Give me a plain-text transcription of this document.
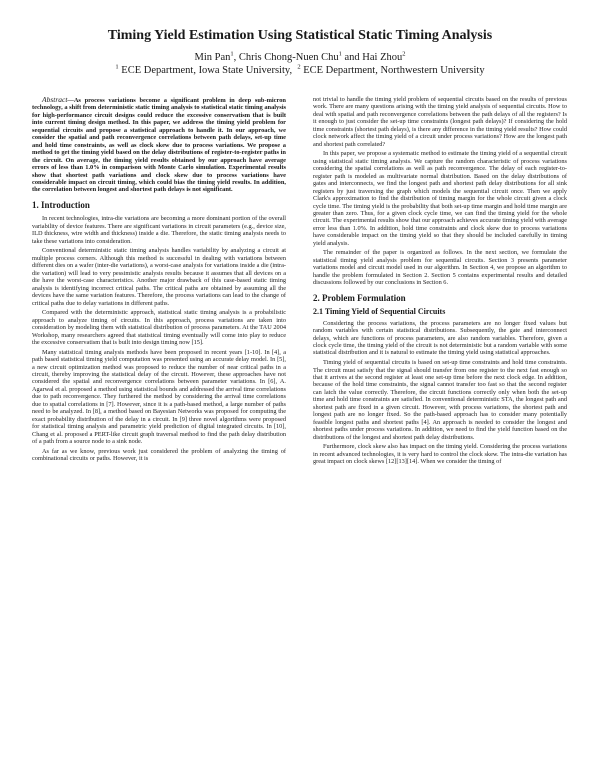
Timing Yield Estimation Using Statistical Static Timing Analysis
Min Pan$^1$, Chris Chong-Nuen Chu$^1$ and Hai Zhou$^2$
$^1$ ECE Department, Iowa State University, $^2$ ECE Department, Northwestern University

Abstract—As process variations become a significant problem in deep sub-micron technology, a shift from deterministic static timing analysis to statistical static timing analysis for high-performance circuit designs could reduce the excessive conservatism that is built into current timing design method. In this paper, we address the timing yield problem for sequential circuits and propose a statistical approach to handle it. In our approach, we consider the spatial and path reconvergence correlations between path delays, set-up time and hold time constraints, as well as clock skew due to process variations. We propose a method to get the timing yield based on the delay distributions of register-to-register paths in the circuit. On average, the timing yield results obtained by our approach have average errors of less than 1.0% in comparison with Monte Carlo simulation. Experimental results show that shortest path variations and clock skew due to process variations have considerable impact on circuit timing, which could bias the timing yield results. In addition, the correlation between longest and shortest path delays is not significant.

1. Introduction

In recent technologies, intra-die variations are becoming a more dominant portion of the overall variability of device features. There are significant variations in circuit parameters (e.g., device size, ILD thickness, wire width and thickness) inside a die. Therefore, the static timing analysis needs to take these variations into consideration.

Conventional deterministic static timing analysis handles variability by analyzing a circuit at multiple process corners. Although this method is successful in dealing with variations between different dies on a wafer (inter-die variations), a worst-case analysis for variations inside a die (intra-die variation) will lead to very pessimistic analysis results because it assumes that all devices on a die have the worst-case characteristics. Another major drawback of this case-based static timing analysis is identifying incorrect critical paths. The critical paths are obtained by assuming all the devices have the same variation features. Therefore, the process variations can lead to the change of critical paths due to delay variations in different paths.

Compared with the deterministic approach, statistical static timing analysis is a probabilistic approach to analyze timing of circuits. In this approach, process variations are taken into consideration by modeling them with statistical distribution of process parameters. At the TAU 2004 Workshop, many researchers agreed that statistical timing eventually will come into play to reduce the excessive conservatism that is built into design timing now [15].

Many statistical timing analysis methods have been proposed in recent years [1-10]. In [4], a path based statistical timing yield computation was presented using an accurate delay model. In [5], a new circuit optimization method was proposed to reduce the number of near critical paths in a circuit, thereby improving the statistical delay of the circuit. However, these approaches have not considered the spatial and reconvergence correlations between parameter variations. In [6], A. Agarwal et al. proposed a method using statistical bounds and addressed the arrival time correlations due to path reconvergence. They furthered the method by considering the arrival time correlations due to spatial correlations in [7]. However, since it is a path-based method, a large number of paths need to be analyzed. In [8], a method based on Bayesian Networks was proposed for computing the exact probability distribution of the delay in a circuit. In [9] three novel algorithms were proposed for statistical timing analysis and parametric yield prediction of digital integrated circuits. In [10], Chang et al. proposed a PERT-like circuit graph traversal method to find the path delay distribution of a path from a source node to a sink node.

As far as we know, previous work just considered the problem of analyzing the timing of combinational circuits or paths. However, it is

not trivial to handle the timing yield problem of sequential circuits based on the results of previous work. There are many questions arising with the timing yield analysis of sequential circuits. How to deal with spatial and path reconvergence correlations between the path delays of all the registers? Is it enough to just consider the set-up time constraints (longest path delays)? If considering the hold time constraints (shortest path delays), is there any difference in the timing yield results? How could clock network affect the timing yield of a circuit under process variations? How are the longest path and shortest path correlated?

In this paper, we propose a systematic method to estimate the timing yield of a sequential circuit using statistical static timing analysis. We capture the random characteristic of process variations considering the spatial correlations as well as path reconvergence. The delay of each register-to-register path is modeled as multivariate normal distribution. Based on the delay distributions of gates and interconnects, we find the longest path and shortest path delay distributions for all sink registers by just traversing the graph which models the sequential circuit once. Then we apply Clark's approximation to find the distribution of timing margin for the whole circuit given a clock cycle time. The timing yield is the probability that both set-up time margin and hold time margin are greater than zero. Thus, for a given clock cycle time, we can find the timing yield for the whole circuit. The experimental results show that our approach achieves accurate timing yield with average error less than 1.0%. In addition, hold time constraints and clock skew due to process variations have considerable impact on the timing yield so that they should be included carefully in timing yield analysis.

The remainder of the paper is organized as follows. In the next section, we formulate the statistical timing yield analysis problem for sequential circuits. Section 3 presents parameter variations model and circuit model used in our algorithm. In Section 4, we propose an algorithm to handle the problem formulated in Section 2. Section 5 contains experimental results and detailed discussions followed by our conclusions in Section 6.

2. Problem Formulation
2.1 Timing Yield of Sequential Circuits

Considering the process variations, the process parameters are no longer fixed values but random variables with certain statistical distributions. Subsequently, the gate and interconnect delays, which are functions of process parameters, are also random variables. Therefore, given a clock cycle time, the timing yield of the circuit is not deterministic but a random variable with some statistical distribution and it is natural to estimate the timing yield using statistical approaches.

Timing yield of sequential circuits is based on set-up time constraints and hold time constraints. The circuit must satisfy that the signal should transfer from one register to the next fast enough so that it arrives at the second register at least one set-up time before the next clock edge. In addition, because of the hold time constraints, the signal cannot transfer too fast so that the second register can latch the value correctly. Therefore, the circuit functions correctly only when both the set-up time and hold time constraints are satisfied. In conventional deterministic STA, the longest path and shortest path are fixed in a given circuit. However, with process variations, the shortest path and longest path are no longer fixed. So the path-based approach has to consider many potentially feasible longest paths and shortest paths [4]. An approach is needed to consider the longest and shortest paths under process variations. In addition, we need to find the yield function based on the distributions of the longest and shortest path delay distributions.

Furthermore, clock skew also has impact on the timing yield. Considering the process variations in recent advanced technologies, it is very hard to control the clock skew. The intra-die variation has great impact on clock skews [12][13][14]. When we consider the timing of
